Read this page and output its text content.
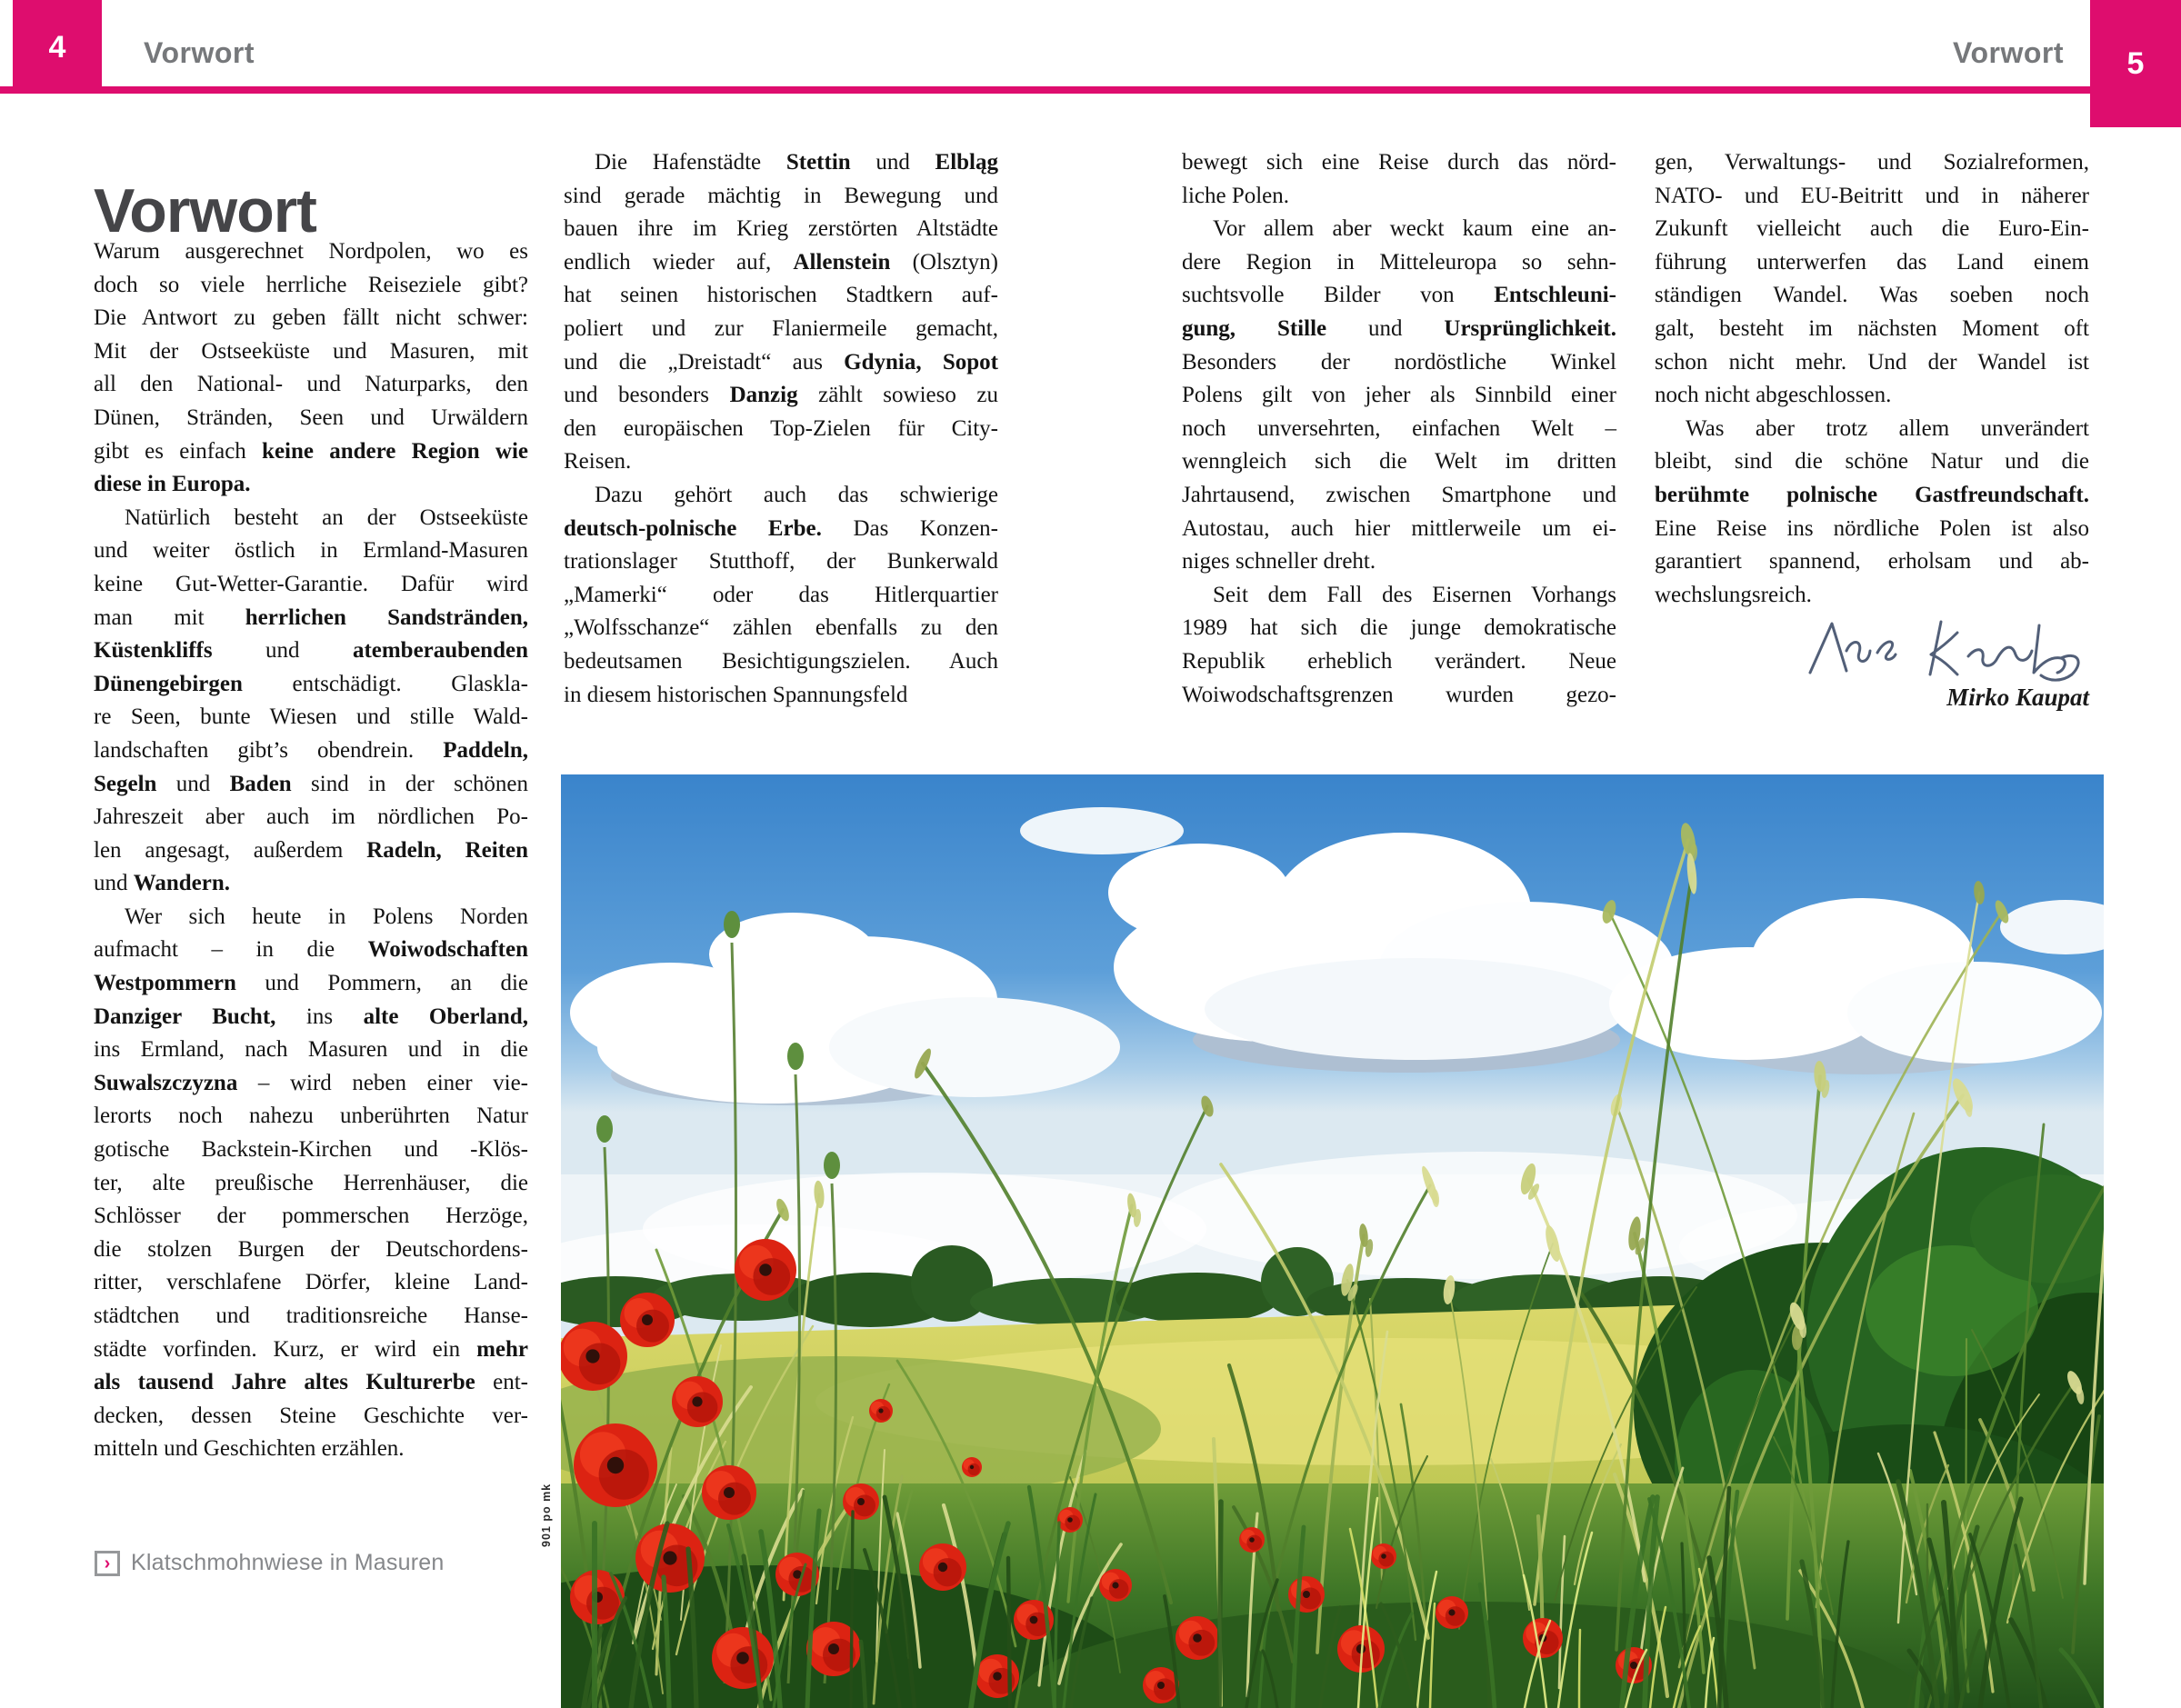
4	Vorwort	Vorwort	5
Vorwort
Warum ausgerechnet Nordpolen, wo es
doch so viele herrliche Reiseziele gibt?
Die Antwort zu geben fällt nicht schwer:
Mit der Ostseeküste und Masuren, mit
all den National- und Naturparks, den
Dünen, Stränden, Seen und Urwäldern
gibt es einfach keine andere Region wie
diese in Europa.
Natürlich besteht an der Ostseeküste
und weiter östlich in Ermland-Masuren
keine Gut-Wetter-Garantie. Dafür wird
man mit herrlichen Sandstränden,
Küstenkliffs und atemberaubenden
Dünengebirgen entschädigt. Glaskla-
re Seen, bunte Wiesen und stille Wald-
landschaften gibt’s obendrein. Paddeln,
Segeln und Baden sind in der schönen
Jahreszeit aber auch im nördlichen Po-
len angesagt, außerdem Radeln, Reiten
und Wandern.
Wer sich heute in Polens Norden
aufmacht – in die Woiwodschaften
Westpommern und Pommern, an die
Danziger Bucht, ins alte Oberland,
ins Ermland, nach Masuren und in die
Suwalszczyzna – wird neben einer vie-
lerorts noch nahezu unberührten Natur
gotische Backstein-Kirchen und -Klös-
ter, alte preußische Herrenhäuser, die
Schlösser der pommerschen Herzöge,
die stolzen Burgen der Deutschordens-
ritter, verschlafene Dörfer, kleine Land-
städtchen und traditionsreiche Hanse-
städte vorfinden. Kurz, er wird ein mehr
als tausend Jahre altes Kulturerbe ent-
decken, dessen Steine Geschichte ver-
mitteln und Geschichten erzählen.
Die Hafenstädte Stettin und Elbląg
sind gerade mächtig in Bewegung und
bauen ihre im Krieg zerstörten Altstädte
endlich wieder auf, Allenstein (Olsztyn)
hat seinen historischen Stadtkern auf-
poliert und zur Flaniermeile gemacht,
und die „Dreistadt“ aus Gdynia, Sopot
und besonders Danzig zählt sowieso zu
den europäischen Top-Zielen für City-
Reisen.
Dazu gehört auch das schwierige
deutsch-polnische Erbe. Das Konzen-
trationslager Stutthoff, der Bunkerwald
„Mamerki“ oder das Hitlerquartier
„Wolfsschanze“ zählen ebenfalls zu den
bedeutsamen Besichtigungszielen. Auch
in diesem historischen Spannungsfeld
bewegt sich eine Reise durch das nörd-
liche Polen.
Vor allem aber weckt kaum eine an-
dere Region in Mitteleuropa so sehn-
suchtsvolle Bilder von Entschleuni-
gung, Stille und Ursprünglichkeit.
Besonders der nordöstliche Winkel
Polens gilt von jeher als Sinnbild einer
noch unversehrten, einfachen Welt –
wenngleich sich die Welt im dritten
Jahrtausend, zwischen Smartphone und
Autostau, auch hier mittlerweile um ei-
niges schneller dreht.
Seit dem Fall des Eisernen Vorhangs
1989 hat sich die junge demokratische
Republik erheblich verändert. Neue
Woiwodschaftsgrenzen wurden gezo-
gen, Verwaltungs- und Sozialreformen,
NATO- und EU-Beitritt und in näherer
Zukunft vielleicht auch die Euro-Ein-
führung unterwerfen das Land einem
ständigen Wandel. Was soeben noch
galt, besteht im nächsten Moment oft
schon nicht mehr. Und der Wandel ist
noch nicht abgeschlossen.
Was aber trotz allem unverändert
bleibt, sind die schöne Natur und die
berühmte polnische Gastfreundschaft.
Eine Reise ins nördliche Polen ist also
garantiert spannend, erholsam und ab-
wechslungsreich.
Mirko Kaupat
› Klatschmohnwiese in Masuren
901 po mk
